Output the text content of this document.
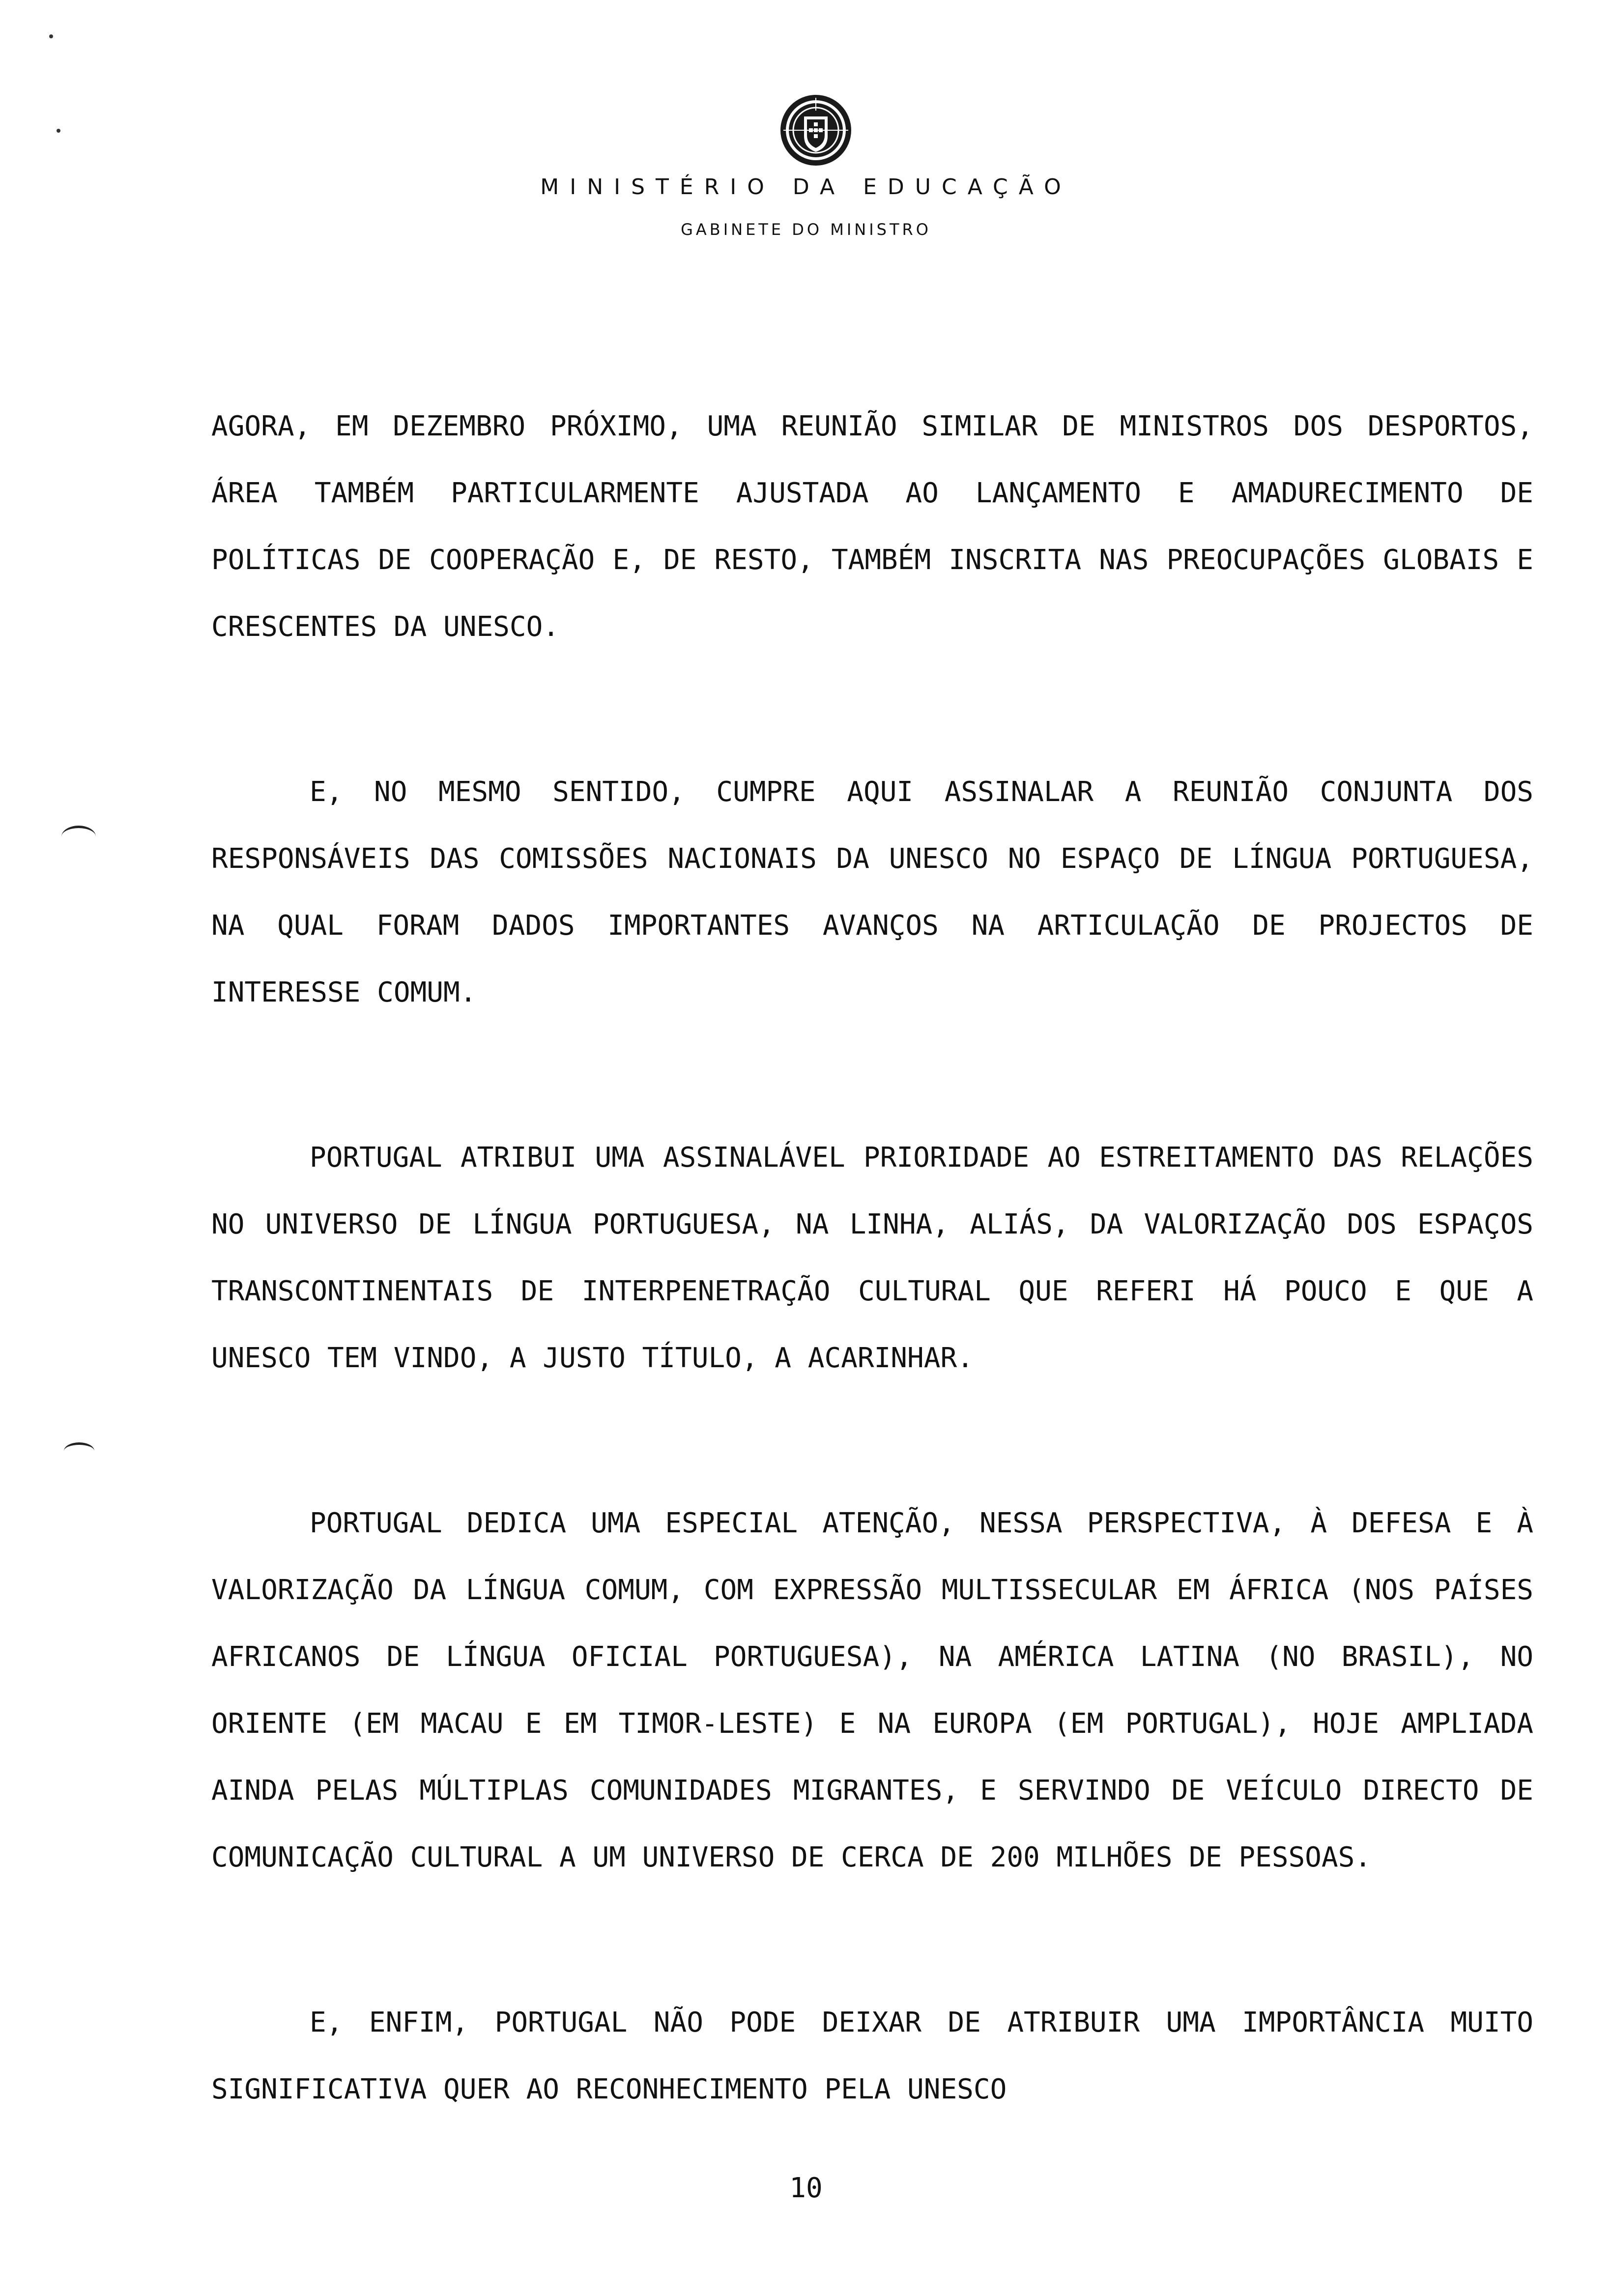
MINISTÉRIO DA EDUCAÇÃO
GABINETE DO MINISTRO

AGORA, EM DEZEMBRO PRÓXIMO, UMA REUNIÃO SIMILAR DE MINISTROS DOS DESPORTOS, ÁREA TAMBÉM PARTICULARMENTE AJUSTADA AO LANÇAMENTO E AMADURECIMENTO DE POLÍTICAS DE COOPERAÇÃO E, DE RESTO, TAMBÉM INSCRITA NAS PREOCUPAÇÕES GLOBAIS E CRESCENTES DA UNESCO.

E, NO MESMO SENTIDO, CUMPRE AQUI ASSINALAR A REUNIÃO CONJUNTA DOS RESPONSÁVEIS DAS COMISSÕES NACIONAIS DA UNESCO NO ESPAÇO DE LÍNGUA PORTUGUESA, NA QUAL FORAM DADOS IMPORTANTES AVANÇOS NA ARTICULAÇÃO DE PROJECTOS DE INTERESSE COMUM.

PORTUGAL ATRIBUI UMA ASSINALÁVEL PRIORIDADE AO ESTREITAMENTO DAS RELAÇÕES NO UNIVERSO DE LÍNGUA PORTUGUESA, NA LINHA, ALIÁS, DA VALORIZAÇÃO DOS ESPAÇOS TRANSCONTINENTAIS DE INTERPENETRAÇÃO CULTURAL QUE REFERI HÁ POUCO E QUE A UNESCO TEM VINDO, A JUSTO TÍTULO, A ACARINHAR.

PORTUGAL DEDICA UMA ESPECIAL ATENÇÃO, NESSA PERSPECTIVA, À DEFESA E À VALORIZAÇÃO DA LÍNGUA COMUM, COM EXPRESSÃO MULTISSECULAR EM ÁFRICA (NOS PAÍSES AFRICANOS DE LÍNGUA OFICIAL PORTUGUESA), NA AMÉRICA LATINA (NO BRASIL), NO ORIENTE (EM MACAU E EM TIMOR-LESTE) E NA EUROPA (EM PORTUGAL), HOJE AMPLIADA AINDA PELAS MÚLTIPLAS COMUNIDADES MIGRANTES, E SERVINDO DE VEÍCULO DIRECTO DE COMUNICAÇÃO CULTURAL A UM UNIVERSO DE CERCA DE 200 MILHÕES DE PESSOAS.

E, ENFIM, PORTUGAL NÃO PODE DEIXAR DE ATRIBUIR UMA IMPORTÂNCIA MUITO SIGNIFICATIVA QUER AO RECONHECIMENTO PELA UNESCO

10
